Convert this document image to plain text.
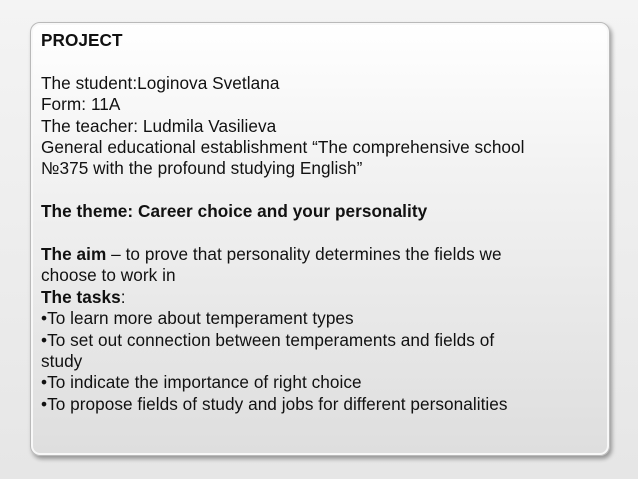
PROJECT
The student:Loginova Svetlana
Form: 11A
The teacher: Ludmila Vasilieva
General educational establishment “The comprehensive school
№375 with the profound studying English”
The theme: Career choice and your personality
The aim – to prove that personality determines the fields we
choose to work in
The tasks:
•To learn more about temperament types
•To set out connection between temperaments and fields of
study
•To indicate the importance of right choice
•To propose fields of study and jobs for different personalities
